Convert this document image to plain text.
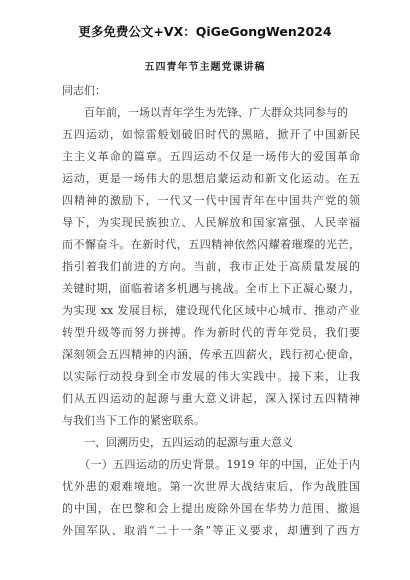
更多免费公文+VX：QiGeGongWen2024
五四青年节主题党课讲稿
同志们：
　　百年前，一场以青年学生为先锋、广大群众共同参与的
五四运动，如惊雷般划破旧时代的黑暗，掀开了中国新民
主主义革命的篇章。五四运动不仅是一场伟大的爱国革命
运动，更是一场伟大的思想启蒙运动和新文化运动。在五
四精神的激励下，一代又一代中国青年在中国共产党的领
导下，为实现民族独立、人民解放和国家富强、人民幸福
而不懈奋斗。在新时代，五四精神依然闪耀着璀璨的光芒，
指引着我们前进的方向。当前，我市正处于高质量发展的
关键时期，面临着诸多机遇与挑战。全市上下正凝心聚力，
为实现 xx 发展目标，建设现代化区域中心城市、推动产业
转型升级等而努力拼搏。作为新时代的青年党员，我们要
深刻领会五四精神的内涵，传承五四薪火，践行初心使命，
以实际行动投身到全市发展的伟大实践中。接下来，让我
们从五四运动的起源与重大意义讲起，深入探讨五四精神
与我们当下工作的紧密联系。
　　一、回溯历史，五四运动的起源与重大意义
　　（一）五四运动的历史背景。1919 年的中国，正处于内
忧外患的艰难境地。第一次世界大战结束后，作为战胜国
的中国，在巴黎和会上提出废除外国在华势力范围、撤退
外国军队、取消“二十一条”等正义要求，却遭到了西方
